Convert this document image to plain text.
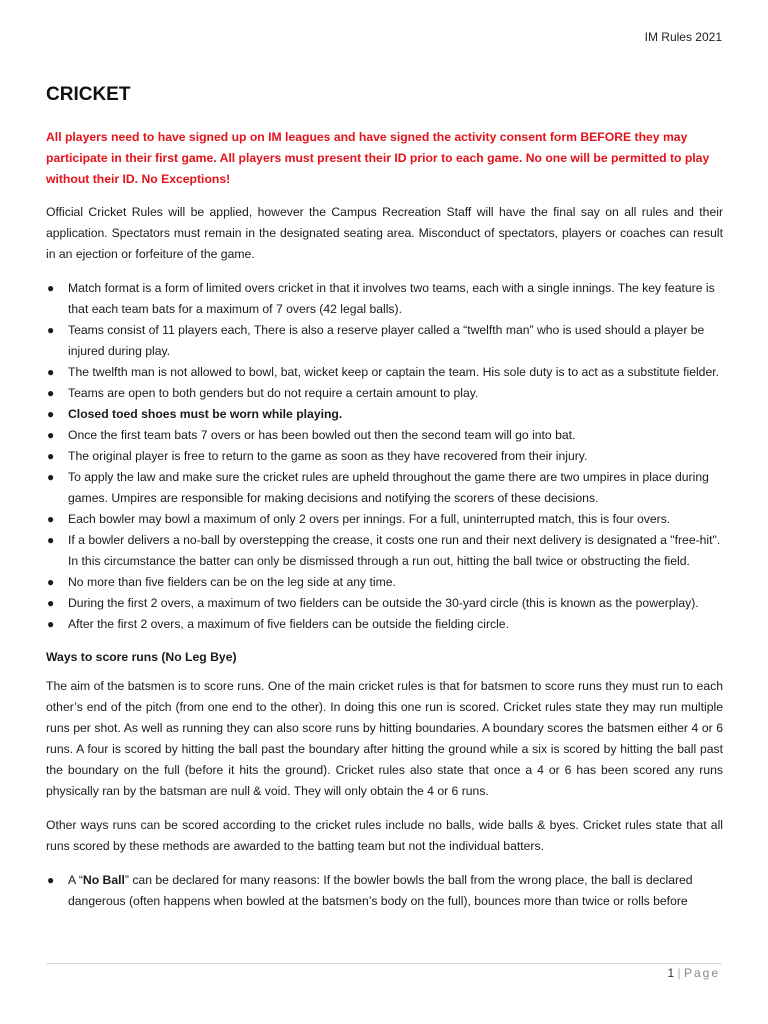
IM Rules 2021
CRICKET

All players need to have signed up on IM leagues and have signed the activity consent form BEFORE they may participate in their first game. All players must present their ID prior to each game. No one will be permitted to play without their ID. No Exceptions!

Official Cricket Rules will be applied, however the Campus Recreation Staff will have the final say on all rules and their application. Spectators must remain in the designated seating area. Misconduct of spectators, players or coaches can result in an ejection or forfeiture of the game.

● Match format is a form of limited overs cricket in that it involves two teams, each with a single innings. The key feature is that each team bats for a maximum of 7 overs (42 legal balls).
● Teams consist of 11 players each, There is also a reserve player called a “twelfth man” who is used should a player be injured during play.
● The twelfth man is not allowed to bowl, bat, wicket keep or captain the team. His sole duty is to act as a substitute fielder.
● Teams are open to both genders but do not require a certain amount to play.
● Closed toed shoes must be worn while playing.
● Once the first team bats 7 overs or has been bowled out then the second team will go into bat.
● The original player is free to return to the game as soon as they have recovered from their injury.
● To apply the law and make sure the cricket rules are upheld throughout the game there are two umpires in place during games. Umpires are responsible for making decisions and notifying the scorers of these decisions.
● Each bowler may bowl a maximum of only 2 overs per innings. For a full, uninterrupted match, this is four overs.
● If a bowler delivers a no-ball by overstepping the crease, it costs one run and their next delivery is designated a "free-hit". In this circumstance the batter can only be dismissed through a run out, hitting the ball twice or obstructing the field.
● No more than five fielders can be on the leg side at any time.
● During the first 2 overs, a maximum of two fielders can be outside the 30-yard circle (this is known as the powerplay).
● After the first 2 overs, a maximum of five fielders can be outside the fielding circle.

Ways to score runs (No Leg Bye)

The aim of the batsmen is to score runs. One of the main cricket rules is that for batsmen to score runs they must run to each other’s end of the pitch (from one end to the other). In doing this one run is scored. Cricket rules state they may run multiple runs per shot. As well as running they can also score runs by hitting boundaries. A boundary scores the batsmen either 4 or 6 runs. A four is scored by hitting the ball past the boundary after hitting the ground while a six is scored by hitting the ball past the boundary on the full (before it hits the ground). Cricket rules also state that once a 4 or 6 has been scored any runs physically ran by the batsman are null & void. They will only obtain the 4 or 6 runs.

Other ways runs can be scored according to the cricket rules include no balls, wide balls & byes. Cricket rules state that all runs scored by these methods are awarded to the batting team but not the individual batters.

● A “No Ball” can be declared for many reasons: If the bowler bowls the ball from the wrong place, the ball is declared dangerous (often happens when bowled at the batsmen’s body on the full), bounces more than twice or rolls before
1 | Page
